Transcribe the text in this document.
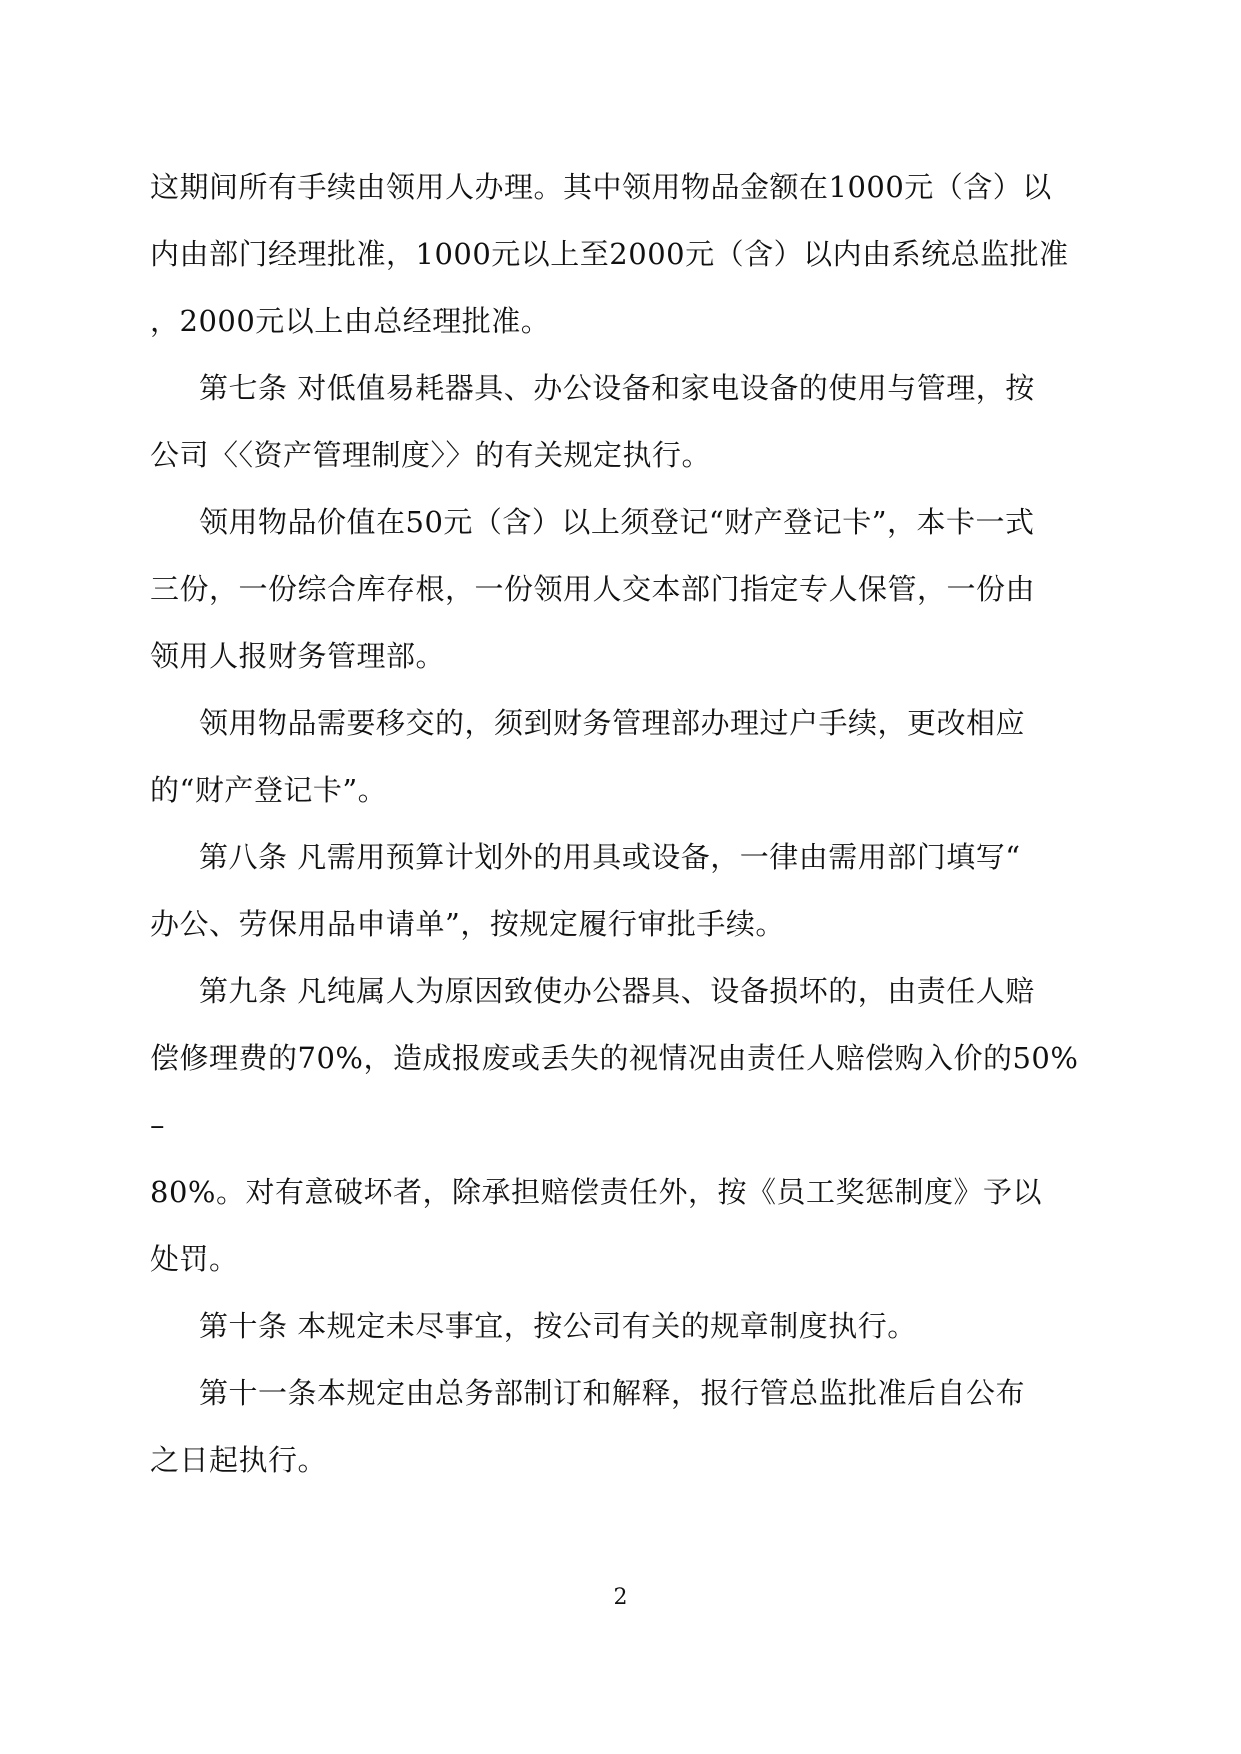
这期间所有手续由领用人办理。其中领用物品金额在1000元（含）以
内由部门经理批准，1000元以上至2000元（含）以内由系统总监批准
，2000元以上由总经理批准。
第七条 对低值易耗器具、办公设备和家电设备的使用与管理，按
公司〈〈资产管理制度〉〉的有关规定执行。
领用物品价值在50元（含）以上须登记“财产登记卡”，本卡一式
三份，一份综合库存根，一份领用人交本部门指定专人保管，一份由
领用人报财务管理部。
领用物品需要移交的，须到财务管理部办理过户手续，更改相应
的“财产登记卡”。
第八条 凡需用预算计划外的用具或设备，一律由需用部门填写“
办公、劳保用品申请单”，按规定履行审批手续。
第九条 凡纯属人为原因致使办公器具、设备损坏的，由责任人赔
偿修理费的70%，造成报废或丢失的视情况由责任人赔偿购入价的50%
–
80%。对有意破坏者，除承担赔偿责任外，按《员工奖惩制度》予以
处罚。
第十条 本规定未尽事宜，按公司有关的规章制度执行。
第十一条本规定由总务部制订和解释，报行管总监批准后自公布
之日起执行。
2
